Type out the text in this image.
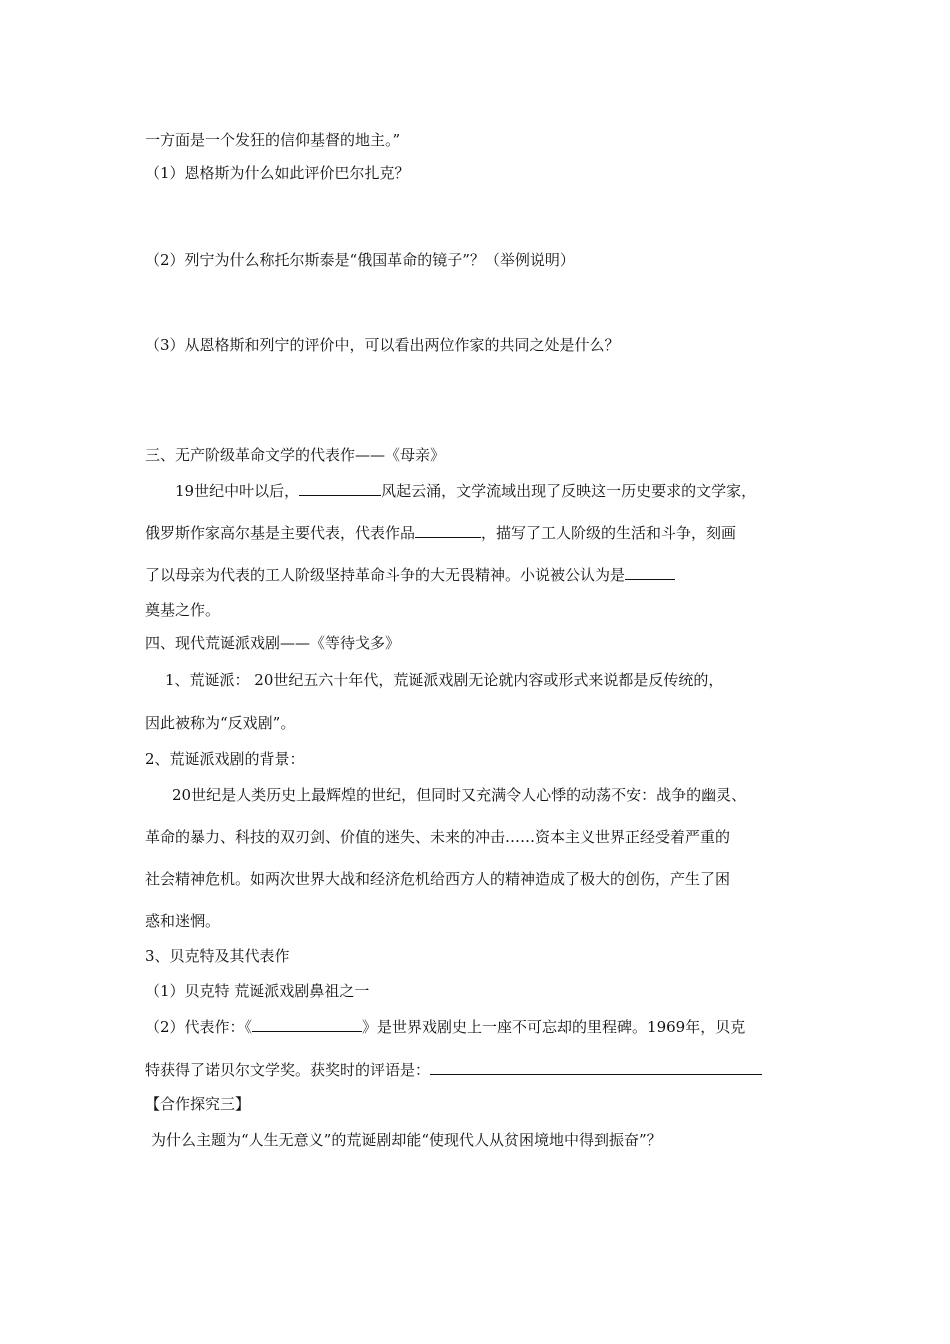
一方面是一个发狂的信仰基督的地主。”
（1）恩格斯为什么如此评价巴尔扎克？
（2）列宁为什么称托尔斯泰是“俄国革命的镜子”？（举例说明）
（3）从恩格斯和列宁的评价中，可以看出两位作家的共同之处是什么？
三、无产阶级革命文学的代表作——《母亲》
19世纪中叶以后，	风起云涌，文学流域出现了反映这一历史要求的文学家，
俄罗斯作家高尔基是主要代表，代表作品	，描写了工人阶级的生活和斗争，刻画
了以母亲为代表的工人阶级坚持革命斗争的大无畏精神。小说被公认为是
奠基之作。
四、现代荒诞派戏剧——《等待戈多》
1、荒诞派： 20世纪五六十年代，荒诞派戏剧无论就内容或形式来说都是反传统的，
因此被称为“反戏剧”。
2、荒诞派戏剧的背景：
20世纪是人类历史上最辉煌的世纪，但同时又充满令人心悸的动荡不安：战争的幽灵、
革命的暴力、科技的双刃剑、价值的迷失、未来的冲击……资本主义世界正经受着严重的
社会精神危机。如两次世界大战和经济危机给西方人的精神造成了极大的创伤，产生了困
惑和迷惘。
3、贝克特及其代表作
（1）贝克特 荒诞派戏剧鼻祖之一
（2）代表作：《	》是世界戏剧史上一座不可忘却的里程碑。1969年，贝克
特获得了诺贝尔文学奖。获奖时的评语是：
【合作探究三】
为什么主题为“人生无意义”的荒诞剧却能“使现代人从贫困境地中得到振奋”？
